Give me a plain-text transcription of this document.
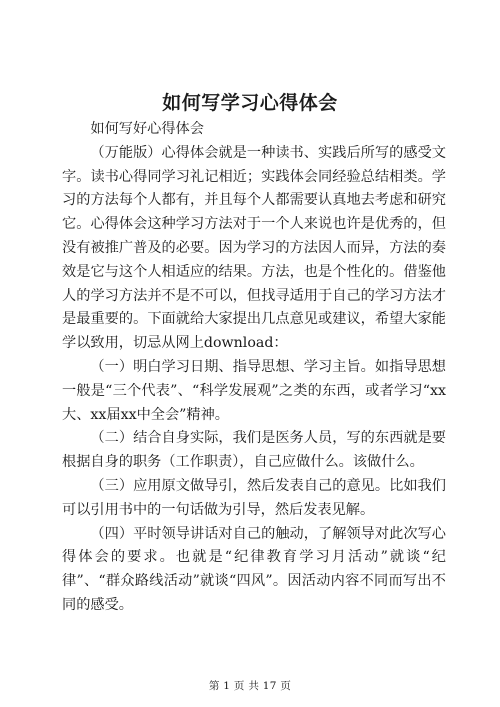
如何写学习心得体会

如何写好心得体会

（万能版）心得体会就是一种读书、实践后所写的感受文字。读书心得同学习礼记相近；实践体会同经验总结相类。学习的方法每个人都有，并且每个人都需要认真地去考虑和研究它。心得体会这种学习方法对于一个人来说也许是优秀的，但没有被推广普及的必要。因为学习的方法因人而异，方法的奏效是它与这个人相适应的结果。方法，也是个性化的。借鉴他人的学习方法并不是不可以，但找寻适用于自己的学习方法才是最重要的。下面就给大家提出几点意见或建议，希望大家能学以致用，切忌从网上download：

（一）明白学习日期、指导思想、学习主旨。如指导思想一般是“三个代表”、“科学发展观”之类的东西，或者学习“xx大、xx届xx中全会”精神。

（二）结合自身实际，我们是医务人员，写的东西就是要根据自身的职务（工作职责），自己应做什么。该做什么。

（三）应用原文做导引，然后发表自己的意见。比如我们可以引用书中的一句话做为引导，然后发表见解。

（四）平时领导讲话对自己的触动，了解领导对此次写心得体会的要求。也就是“纪律教育学习月活动”就谈“纪律”、“群众路线活动”就谈“四风”。因活动内容不同而写出不同的感受。

第 1 页 共 17 页
